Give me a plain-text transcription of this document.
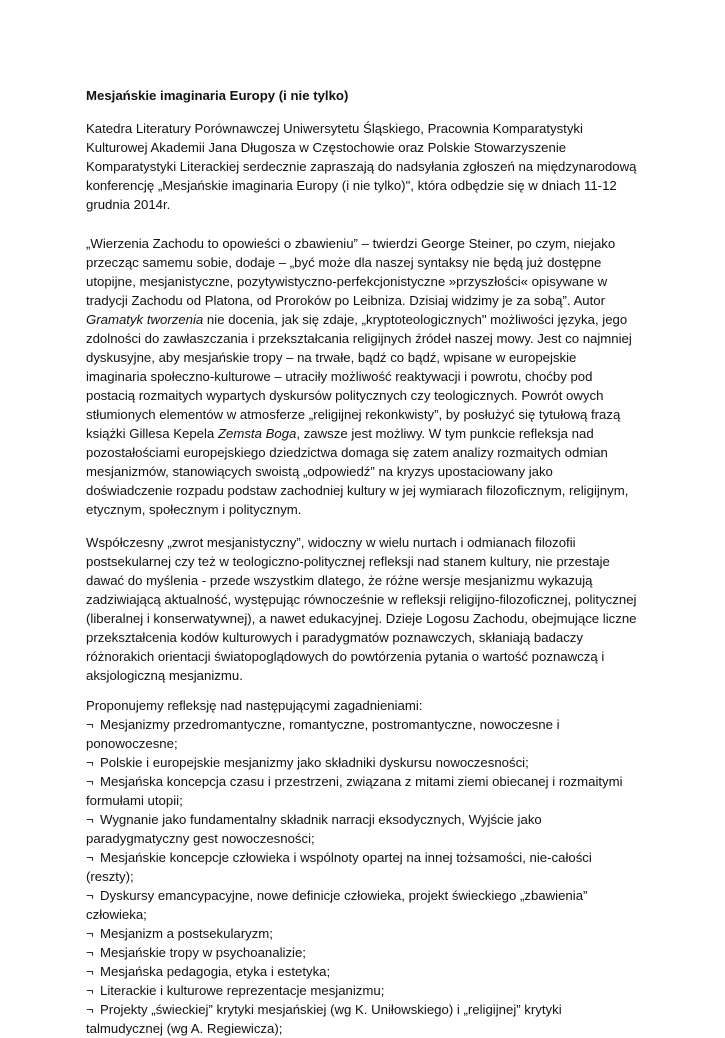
Mesjańskie imaginaria Europy (i nie tylko)

Katedra Literatury Porównawczej Uniwersytetu Śląskiego, Pracownia Komparatystyki Kulturowej Akademii Jana Długosza w Częstochowie oraz Polskie Stowarzyszenie Komparatystyki Literackiej serdecznie zapraszają do nadsyłania zgłoszeń na międzynarodową konferencję „Mesjańskie imaginaria Europy (i nie tylko)", która odbędzie się w dniach 11-12 grudnia 2014r.

„Wierzenia Zachodu to opowieści o zbawieniu” – twierdzi George Steiner, po czym, niejako przecząc samemu sobie, dodaje – „być może dla naszej syntaksy nie będą już dostępne utopijne, mesjanistyczne, pozytywistyczno-perfekcjonistyczne »przyszłości« opisywane w tradycji Zachodu od Platona, od Proroków po Leibniza. Dzisiaj widzimy je za sobą”. Autor Gramatyk tworzenia nie docenia, jak się zdaje, „kryptoteologicznych" możliwości języka, jego zdolności do zawłaszczania i przekształcania religijnych źródeł naszej mowy. Jest co najmniej dyskusyjne, aby mesjańskie tropy – na trwałe, bądź co bądź, wpisane w europejskie imaginaria społeczno-kulturowe – utraciły możliwość reaktywacji i powrotu, choćby pod postacią rozmaitych wypartych dyskursów politycznych czy teologicznych. Powrót owych stłumionych elementów w atmosferze „religijnej rekonkwisty”, by posłużyć się tytułową frazą książki Gillesa Kepela Zemsta Boga, zawsze jest możliwy. W tym punkcie refleksja nad pozostałościami europejskiego dziedzictwa domaga się zatem analizy rozmaitych odmian mesjanizmów, stanowiących swoistą „odpowiedź” na kryzys upostaciowany jako doświadczenie rozpadu podstaw zachodniej kultury w jej wymiarach filozoficznym, religijnym, etycznym, społecznym i politycznym.

Współczesny „zwrot mesjanistyczny”, widoczny w wielu nurtach i odmianach filozofii postsekularnej czy też w teologiczno-politycznej refleksji nad stanem kultury, nie przestaje dawać do myślenia - przede wszystkim dlatego, że różne wersje mesjanizmu wykazują zadziwiającą aktualność, występując równocześnie w refleksji religijno-filozoficznej, politycznej (liberalnej i konserwatywnej), a nawet edukacyjnej. Dzieje Logosu Zachodu, obejmujące liczne przekształcenia kodów kulturowych i paradygmatów poznawczych, skłaniają badaczy różnorakich orientacji światopoglądowych do powtórzenia pytania o wartość poznawczą i aksjologiczną mesjanizmu.

Proponujemy refleksję nad następującymi zagadnieniami:
¬ Mesjanizmy przedromantyczne, romantyczne, postromantyczne, nowoczesne i ponowoczesne;
¬ Polskie i europejskie mesjanizmy jako składniki dyskursu nowoczesności;
¬ Mesjańska koncepcja czasu i przestrzeni, związana z mitami ziemi obiecanej i rozmaitymi formułami utopii;
¬ Wygnanie jako fundamentalny składnik narracji eksodycznych, Wyjście jako paradygmatyczny gest nowoczesności;
¬ Mesjańskie koncepcje człowieka i wspólnoty opartej na innej tożsamości, nie-całości (reszty);
¬ Dyskursy emancypacyjne, nowe definicje człowieka, projekt świeckiego „zbawienia” człowieka;
¬ Mesjanizm a postsekularyzm;
¬ Mesjańskie tropy w psychoanalizie;
¬ Mesjańska pedagogia, etyka i estetyka;
¬ Literackie i kulturowe reprezentacje mesjanizmu;
¬ Projekty „świeckiej” krytyki mesjańskiej (wg K. Uniłowskiego) i „religijnej” krytyki talmudycznej (wg A. Regiewicza);
